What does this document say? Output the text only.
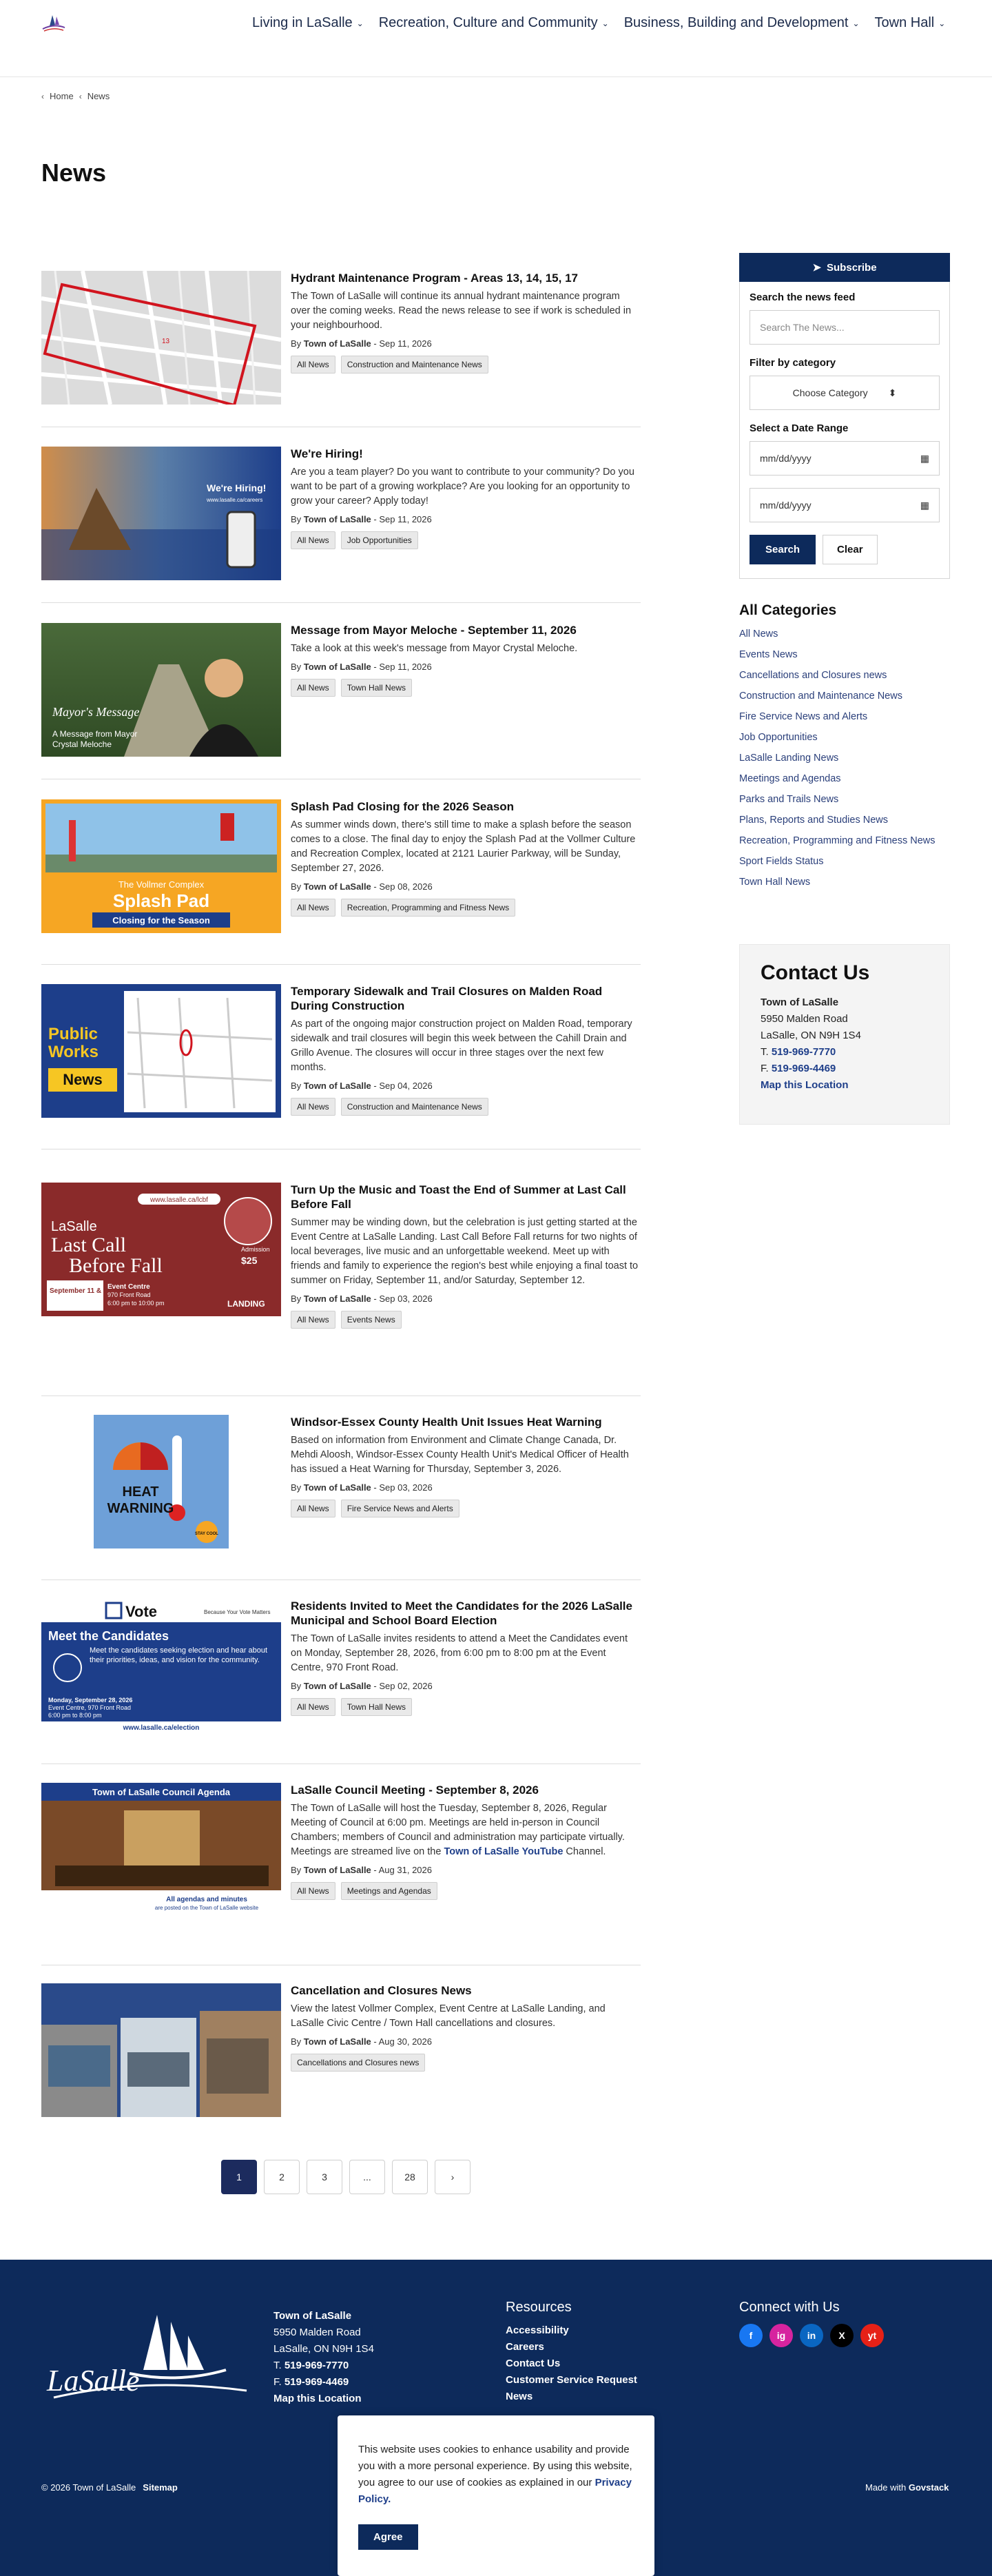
Living in LaSalle ⌄ Recreation, Culture and Community ⌄ Business, Building and Development ⌄ Town Hall ⌄
‹ Home ‹ News
News
13
Hydrant Maintenance Program - Areas 13, 14, 15, 17

The Town of LaSalle will continue its annual hydrant maintenance program over the coming weeks. Read the news release to see if work is scheduled in your neighbourhood.

By Town of LaSalle - Sep 11, 2026

All News	Construction and Maintenance News
We're Hiring!
www.lasalle.ca/careers
We're Hiring!

Are you a team player? Do you want to contribute to your community? Do you want to be part of a growing workplace? Are you looking for an opportunity to grow your career? Apply today!

By Town of LaSalle - Sep 11, 2026

All News	Job Opportunities
Mayor's Message
A Message from Mayor
Crystal Meloche
Message from Mayor Meloche - September 11, 2026

Take a look at this week's message from Mayor Crystal Meloche.

By Town of LaSalle - Sep 11, 2026

All News	Town Hall News
The Vollmer Complex
Splash Pad
Closing for the Season
Splash Pad Closing for the 2026 Season

As summer winds down, there's still time to make a splash before the season comes to a close. The final day to enjoy the Splash Pad at the Vollmer Culture and Recreation Complex, located at 2121 Laurier Parkway, will be Sunday, September 27, 2026.

By Town of LaSalle - Sep 08, 2026

All News	Recreation, Programming and Fitness News
Public
Works
News
Temporary Sidewalk and Trail Closures on Malden Road During Construction

As part of the ongoing major construction project on Malden Road, temporary sidewalk and trail closures will begin this week between the Cahill Drain and Grillo Avenue. The closures will occur in three stages over the next few months.

By Town of LaSalle - Sep 04, 2026

All News	Construction and Maintenance News
www.lasalle.ca/lcbf
LaSalle
Last Call
Before Fall
September 11 & 12
Event Centre
970 Front Road
6:00 pm to 10:00 pm
Admission
$25
LANDING
Turn Up the Music and Toast the End of Summer at Last Call Before Fall

Summer may be winding down, but the celebration is just getting started at the Event Centre at LaSalle Landing. Last Call Before Fall returns for two nights of local beverages, live music and an unforgettable weekend. Meet up with friends and family to experience the region's best while enjoying a final toast to summer on Friday, September 11, and/or Saturday, September 12.

By Town of LaSalle - Sep 03, 2026

All News	Events News
HEAT
WARNING
STAY COOL
Windsor-Essex County Health Unit Issues Heat Warning

Based on information from Environment and Climate Change Canada, Dr. Mehdi Aloosh, Windsor-Essex County Health Unit's Medical Officer of Health has issued a Heat Warning for Thursday, September 3, 2026.

By Town of LaSalle - Sep 03, 2026

All News	Fire Service News and Alerts
Vote	Because Your Vote Matters
Meet the Candidates
Meet the candidates seeking election and hear about their priorities, ideas, and vision for the community.
Monday, September 28, 2026
Event Centre, 970 Front Road
6:00 pm to 8:00 pm
www.lasalle.ca/election
Residents Invited to Meet the Candidates for the 2026 LaSalle Municipal and School Board Election

The Town of LaSalle invites residents to attend a Meet the Candidates event on Monday, September 28, 2026, from 6:00 pm to 8:00 pm at the Event Centre, 970 Front Road.

By Town of LaSalle - Sep 02, 2026

All News	Town Hall News
Town of LaSalle Council Agenda
All agendas and minutes
are posted on the Town of LaSalle website
LaSalle Council Meeting - September 8, 2026

The Town of LaSalle will host the Tuesday, September 8, 2026, Regular Meeting of Council at 6:00 pm. Meetings are held in-person in Council Chambers; members of Council and administration may participate virtually. Meetings are streamed live on the Town of LaSalle YouTube Channel.

By Town of LaSalle - Aug 31, 2026

All News	Meetings and Agendas
Cancellation and Closures News

View the latest Vollmer Complex, Event Centre at LaSalle Landing, and LaSalle Civic Centre / Town Hall cancellations and closures.

By Town of LaSalle - Aug 30, 2026

Cancellations and Closures news
1	2	3	...	28	›
➤ Subscribe
Search the news feed
Search The News...
Filter by category
Choose Category ⬍
Select a Date Range
mm/dd/yyyy	▦
mm/dd/yyyy	▦
Search	Clear
All Categories
All News
Events News
Cancellations and Closures news
Construction and Maintenance News
Fire Service News and Alerts
Job Opportunities
LaSalle Landing News
Meetings and Agendas
Parks and Trails News
Plans, Reports and Studies News
Recreation, Programming and Fitness News
Sport Fields Status
Town Hall News
Contact Us
Town of LaSalle
5950 Malden Road
LaSalle, ON N9H 1S4
T. 519-969-7770
F. 519-969-4469
Map this Location
LaSalle
Town of LaSalle
5950 Malden Road
LaSalle, ON N9H 1S4
T. 519-969-7770
F. 519-969-4469
Map this Location
Resources
Accessibility
Careers
Contact Us
Customer Service Request
News
Connect with Us
f	ig	in	X	yt
© 2026 Town of LaSalle Sitemap	Made with Govstack

This website uses cookies to enhance usability and provide you with a more personal experience. By using this website, you agree to our use of cookies as explained in our Privacy Policy.

Agree
